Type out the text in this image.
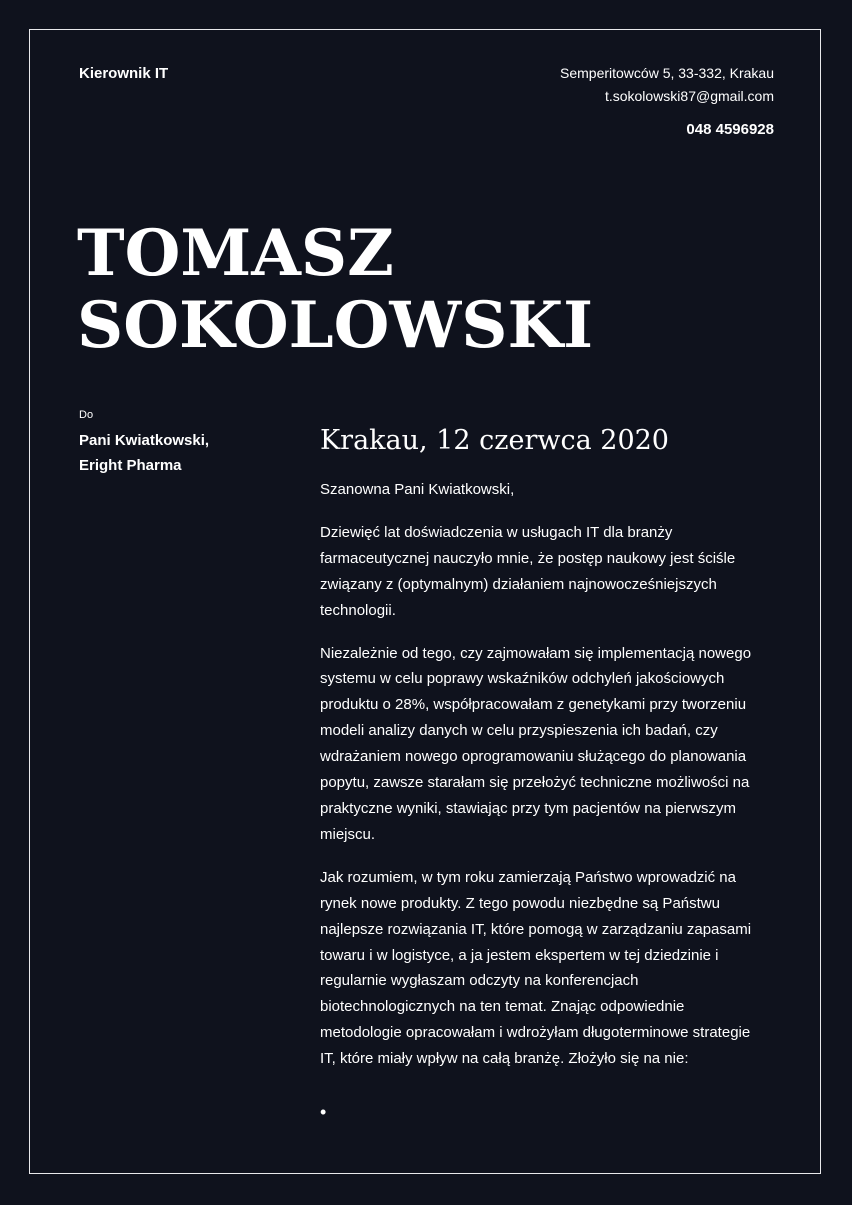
Kierownik IT	Semperitowców 5, 33-332, Krakau
t.sokolowski87@gmail.com
048 4596928
TOMASZ
SOKOLOWSKI
Do
Pani Kwiatkowski,
Eright Pharma
Krakau, 12 czerwca 2020

Szanowna Pani Kwiatkowski,

Dziewięć lat doświadczenia w usługach IT dla branży farmaceutycznej nauczyło mnie, że postęp naukowy jest ściśle związany z (optymalnym) działaniem najnowocześniejszych technologii.

Niezależnie od tego, czy zajmowałam się implementacją nowego systemu w celu poprawy wskaźników odchyleń jakościowych produktu o 28%, współpracowałam z genetykami przy tworzeniu modeli analizy danych w celu przyspieszenia ich badań, czy wdrażaniem nowego oprogramowaniu służącego do planowania popytu, zawsze starałam się przełożyć techniczne możliwości na praktyczne wyniki, stawiając przy tym pacjentów na pierwszym miejscu.

Jak rozumiem, w tym roku zamierzają Państwo wprowadzić na rynek nowe produkty. Z tego powodu niezbędne są Państwu najlepsze rozwiązania IT, które pomogą w zarządzaniu zapasami towaru i w logistyce, a ja jestem ekspertem w tej dziedzinie i regularnie wygłaszam odczyty na konferencjach biotechnologicznych na ten temat. Znając odpowiednie metodologie opracowałam i wdrożyłam długoterminowe strategie IT, które miały wpływ na całą branżę. Złożyło się na nie:

•
